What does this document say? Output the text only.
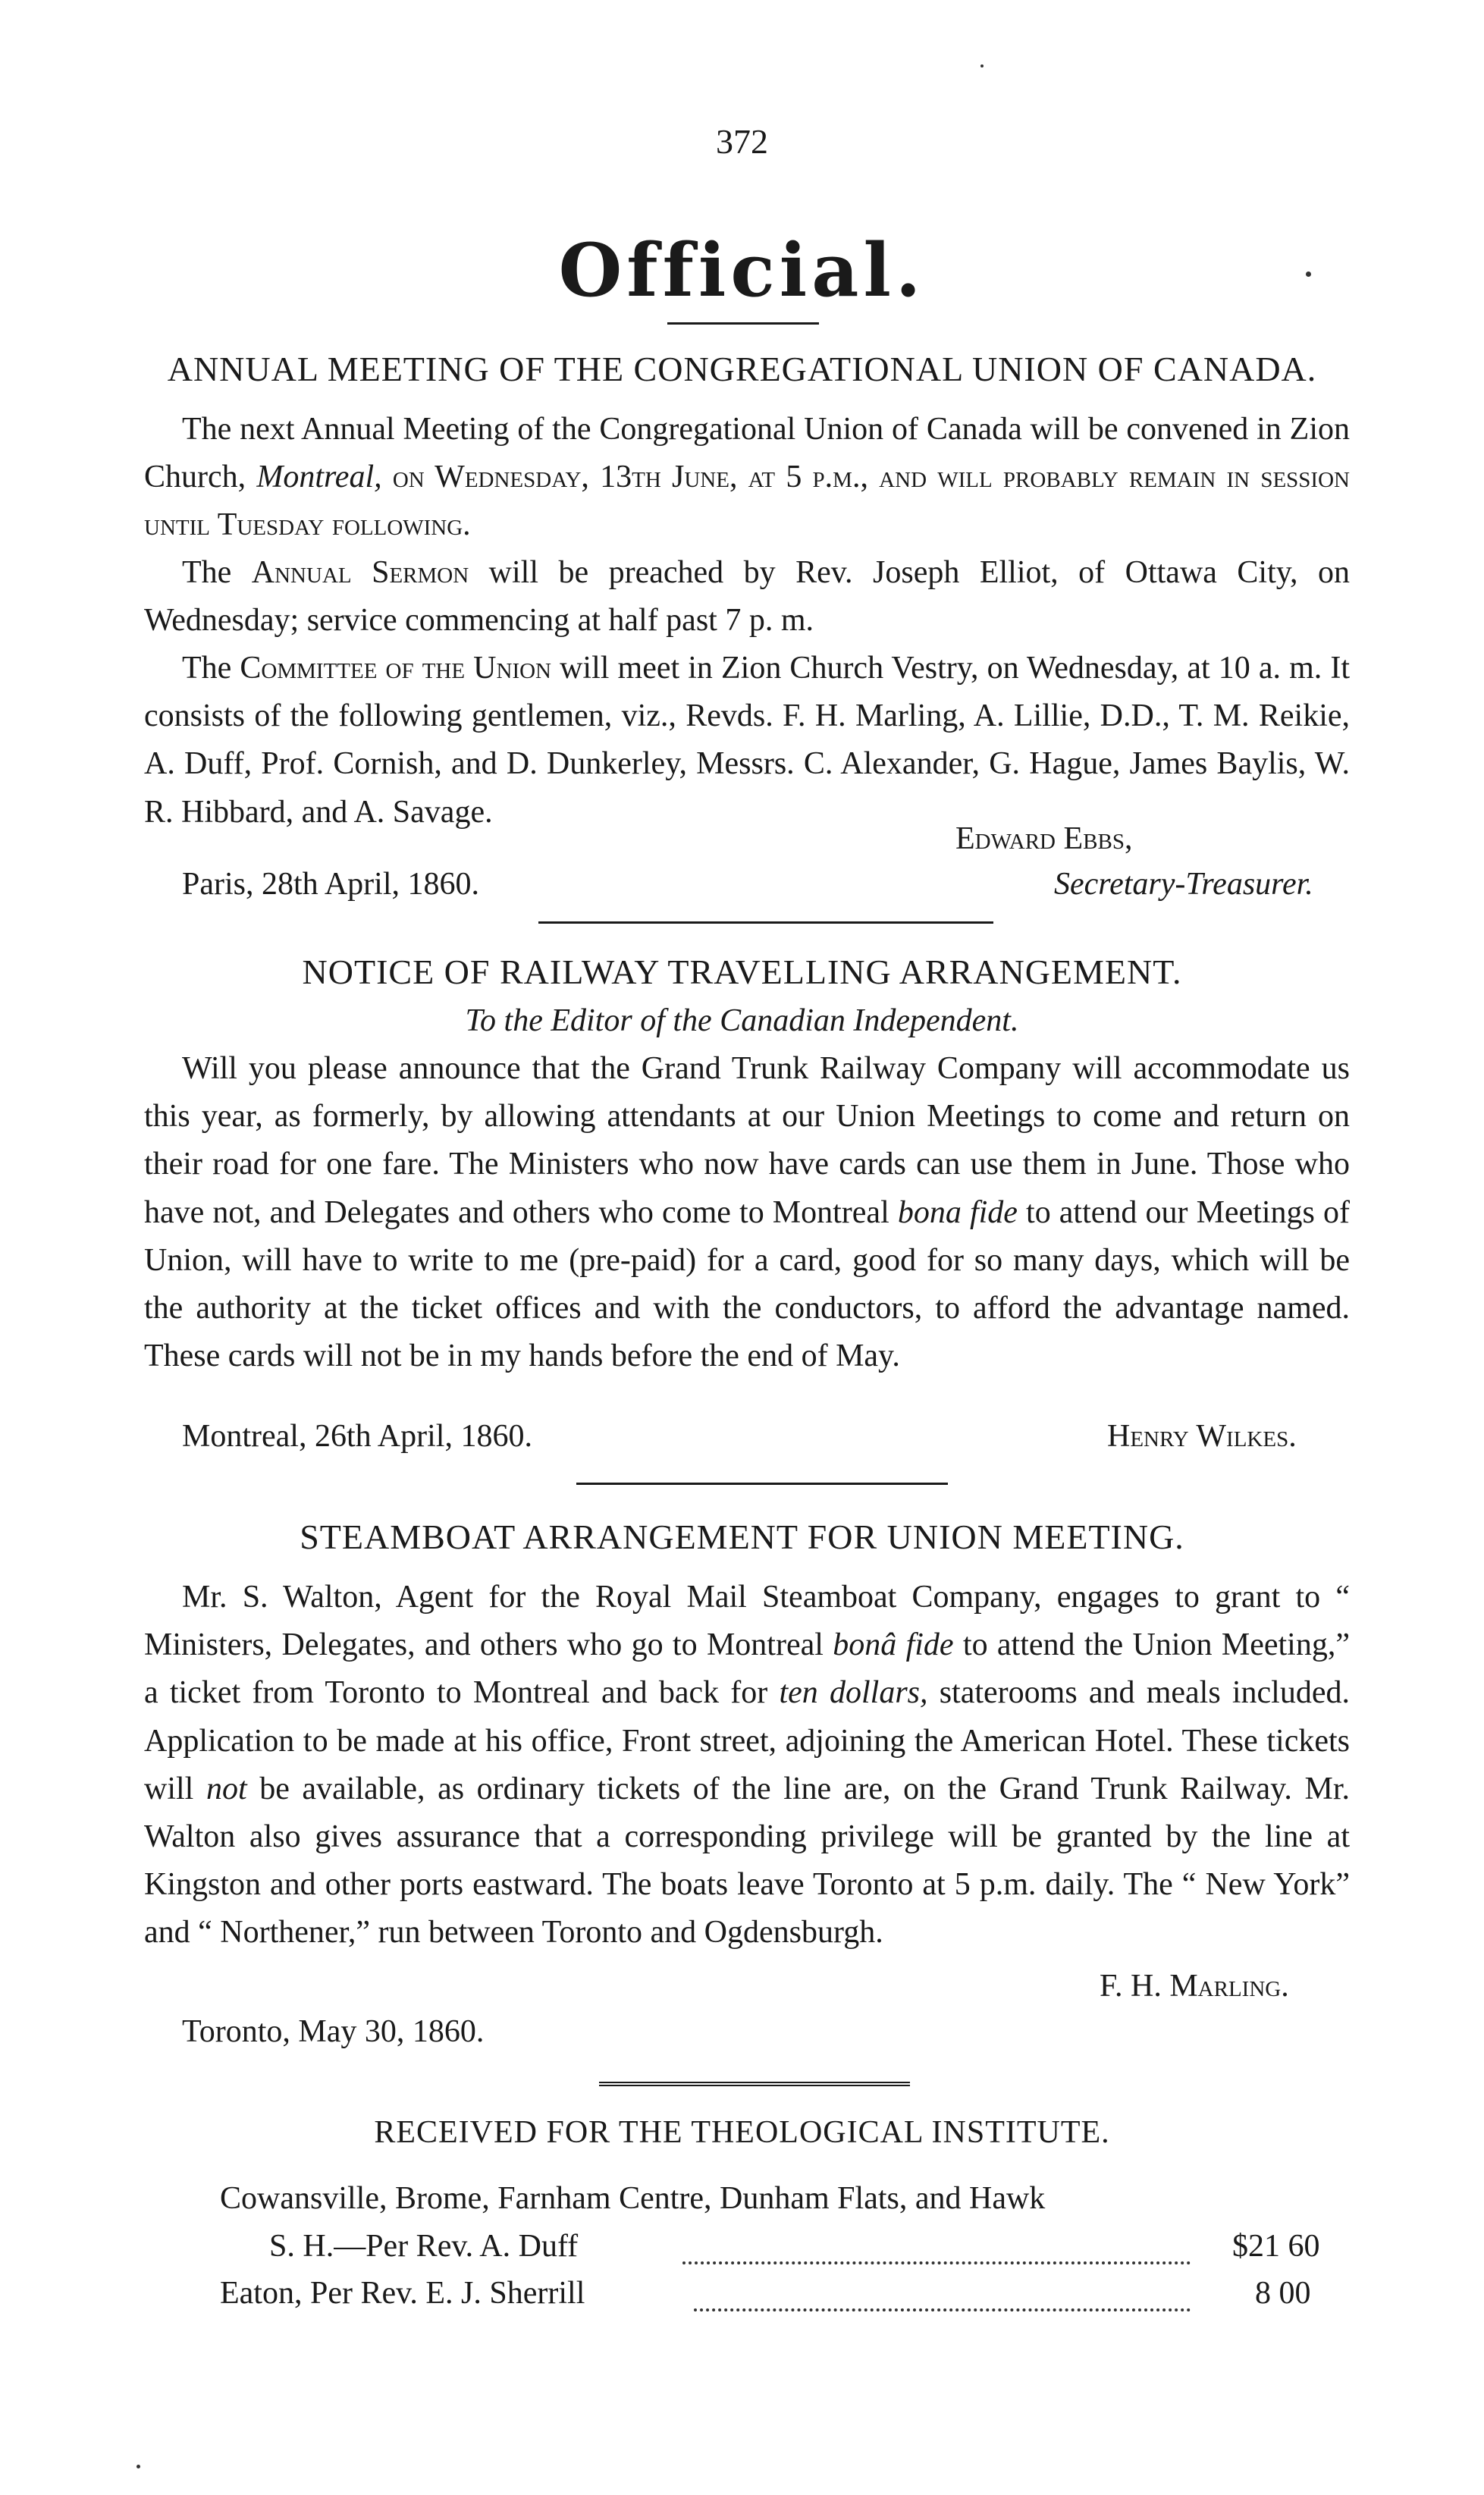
372
Official.
ANNUAL MEETING OF THE CONGREGATIONAL UNION OF CANADA.

The next Annual Meeting of the Congregational Union of Canada will be convened in Zion Church, Montreal, on Wednesday, 13th June, at 5 p.m., and will probably remain in session until Tuesday following.

The Annual Sermon will be preached by Rev. Joseph Elliot, of Ottawa City, on Wednesday; service commencing at half past 7 p. m.

The Committee of the Union will meet in Zion Church Vestry, on Wednesday, at 10 a. m. It consists of the following gentlemen, viz., Revds. F. H. Marling, A. Lillie, D.D., T. M. Reikie, A. Duff, Prof. Cornish, and D. Dunkerley, Messrs. C. Alexander, G. Hague, James Baylis, W. R. Hibbard, and A. Savage.

Edward Ebbs,
Paris, 28th April, 1860.	Secretary-Treasurer.
NOTICE OF RAILWAY TRAVELLING ARRANGEMENT.
To the Editor of the Canadian Independent.

Will you please announce that the Grand Trunk Railway Company will accommodate us this year, as formerly, by allowing attendants at our Union Meetings to come and return on their road for one fare. The Ministers who now have cards can use them in June. Those who have not, and Delegates and others who come to Montreal bona fide to attend our Meetings of Union, will have to write to me (pre-paid) for a card, good for so many days, which will be the authority at the ticket offices and with the conductors, to afford the advantage named. These cards will not be in my hands before the end of May.

Montreal, 26th April, 1860.	Henry Wilkes.
STEAMBOAT ARRANGEMENT FOR UNION MEETING.

Mr. S. Walton, Agent for the Royal Mail Steamboat Company, engages to grant to “ Ministers, Delegates, and others who go to Montreal bonâ fide to attend the Union Meeting,” a ticket from Toronto to Montreal and back for ten dollars, staterooms and meals included. Application to be made at his office, Front street, adjoining the American Hotel. These tickets will not be available, as ordinary tickets of the line are, on the Grand Trunk Railway. Mr. Walton also gives assurance that a corresponding privilege will be granted by the line at Kingston and other ports eastward. The boats leave Toronto at 5 p.m. daily. The “ New York” and “ Northener,” run between Toronto and Ogdensburgh.

F. H. Marling.
Toronto, May 30, 1860.
RECEIVED FOR THE THEOLOGICAL INSTITUTE.
Cowansville, Brome, Farnham Centre, Dunham Flats, and Hawk
S. H.—Per Rev. A. Duff	$21 60
Eaton, Per Rev. E. J. Sherrill	8 00
